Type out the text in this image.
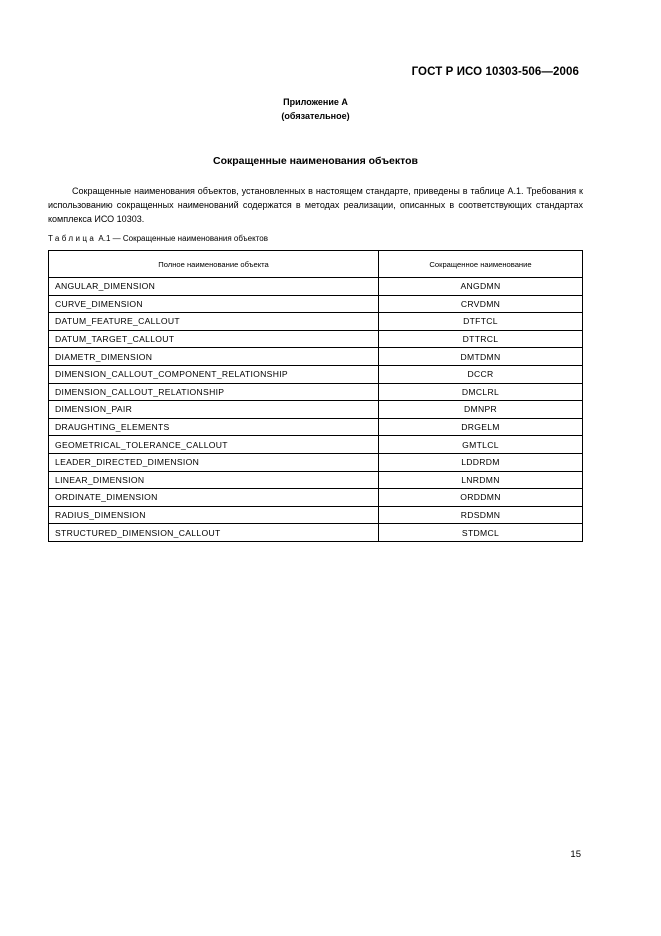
ГОСТ Р ИСО 10303-506—2006
Приложение А
(обязательное)
Сокращенные наименования объектов
Сокращенные наименования объектов, установленных в настоящем стандарте, приведены в таблице А.1. Требования к использованию сокращенных наименований содержатся в методах реализации, описанных в соответствующих стандартах комплекса ИСО 10303.
Таблица А.1 — Сокращенные наименования объектов
Полное наименование объекта	Сокращенное наименование
ANGULAR_DIMENSION	ANGDMN
CURVE_DIMENSION	CRVDMN
DATUM_FEATURE_CALLOUT	DTFTCL
DATUM_TARGET_CALLOUT	DTTRCL
DIAMETR_DIMENSION	DMTDMN
DIMENSION_CALLOUT_COMPONENT_RELATIONSHIP	DCCR
DIMENSION_CALLOUT_RELATIONSHIP	DMCLRL
DIMENSION_PAIR	DMNPR
DRAUGHTING_ELEMENTS	DRGELM
GEOMETRICAL_TOLERANCE_CALLOUT	GMTLCL
LEADER_DIRECTED_DIMENSION	LDDRDM
LINEAR_DIMENSION	LNRDMN
ORDINATE_DIMENSION	ORDDMN
RADIUS_DIMENSION	RDSDMN
STRUCTURED_DIMENSION_CALLOUT	STDMCL
15
